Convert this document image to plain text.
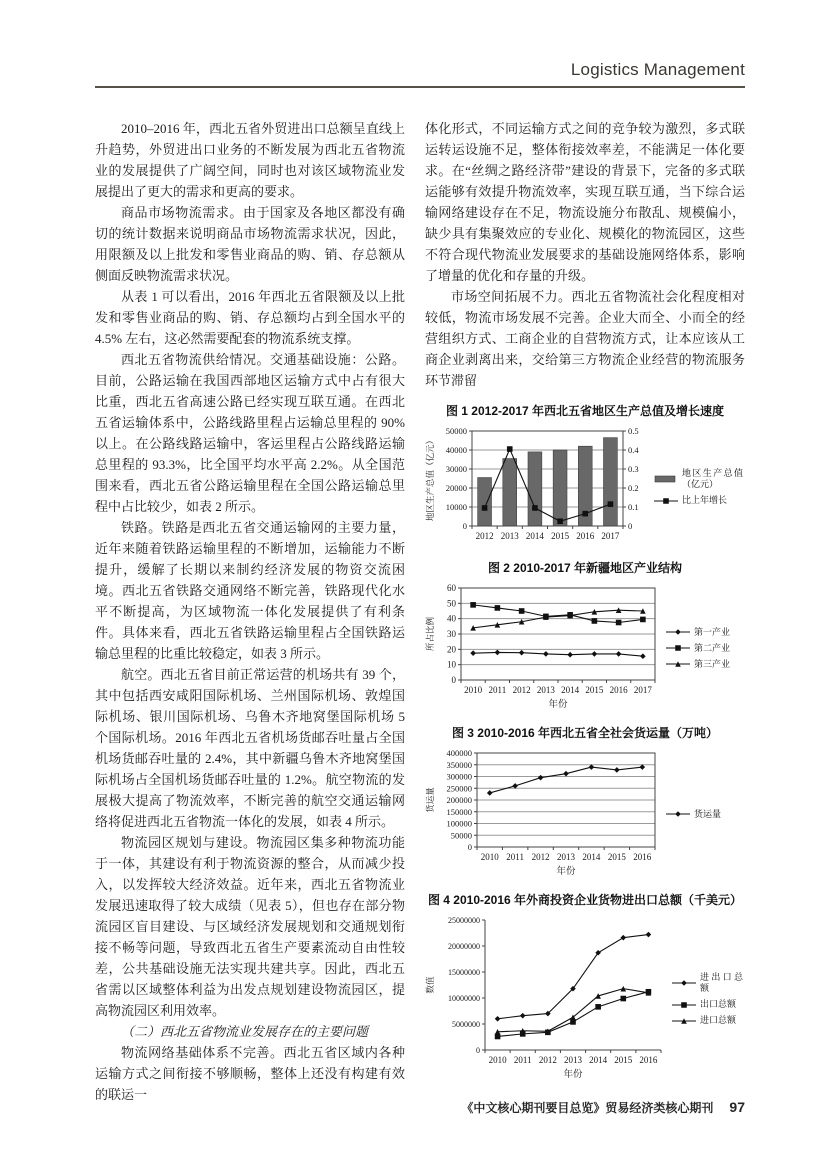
Logistics Management

2010–2016 年，西北五省外贸进出口总额呈直线上升趋势，外贸进出口业务的不断发展为西北五省物流业的发展提供了广阔空间，同时也对该区域物流业发展提出了更大的需求和更高的要求。

商品市场物流需求。由于国家及各地区都没有确切的统计数据来说明商品市场物流需求状况，因此，用限额及以上批发和零售业商品的购、销、存总额从侧面反映物流需求状况。

从表 1 可以看出，2016 年西北五省限额及以上批发和零售业商品的购、销、存总额均占到全国水平的 4.5% 左右，这必然需要配套的物流系统支撑。

西北五省物流供给情况。交通基础设施：公路。目前，公路运输在我国西部地区运输方式中占有很大比重，西北五省高速公路已经实现互联互通。在西北五省运输体系中，公路线路里程占运输总里程的 90% 以上。在公路线路运输中，客运里程占公路线路运输总里程的 93.3%，比全国平均水平高 2.2%。从全国范围来看，西北五省公路运输里程在全国公路运输总里程中占比较少，如表 2 所示。

铁路。铁路是西北五省交通运输网的主要力量，近年来随着铁路运输里程的不断增加，运输能力不断提升，缓解了长期以来制约经济发展的物资交流困境。西北五省铁路交通网络不断完善，铁路现代化水平不断提高，为区域物流一体化发展提供了有利条件。具体来看，西北五省铁路运输里程占全国铁路运输总里程的比重比较稳定，如表 3 所示。

航空。西北五省目前正常运营的机场共有 39 个，其中包括西安咸阳国际机场、兰州国际机场、敦煌国际机场、银川国际机场、乌鲁木齐地窝堡国际机场 5 个国际机场。2016 年西北五省机场货邮吞吐量占全国机场货邮吞吐量的 2.4%，其中新疆乌鲁木齐地窝堡国际机场占全国机场货邮吞吐量的 1.2%。航空物流的发展极大提高了物流效率，不断完善的航空交通运输网络将促进西北五省物流一体化的发展，如表 4 所示。

物流园区规划与建设。物流园区集多种物流功能于一体，其建设有利于物流资源的整合，从而减少投入，以发挥较大经济效益。近年来，西北五省物流业发展迅速取得了较大成绩（见表 5），但也存在部分物流园区盲目建设、与区域经济发展规划和交通规划衔接不畅等问题，导致西北五省生产要素流动自由性较差，公共基础设施无法实现共建共享。因此，西北五省需以区域整体利益为出发点规划建设物流园区，提高物流园区利用效率。

（二）西北五省物流业发展存在的主要问题

物流网络基础体系不完善。西北五省区域内各种运输方式之间衔接不够顺畅，整体上还没有构建有效的联运一

体化形式，不同运输方式之间的竞争较为激烈，多式联运转运设施不足，整体衔接效率差，不能满足一体化要求。在“丝绸之路经济带”建设的背景下，完备的多式联运能够有效提升物流效率，实现互联互通，当下综合运输网络建设存在不足，物流设施分布散乱、规模偏小，缺少具有集聚效应的专业化、规模化的物流园区，这些不符合现代物流业发展要求的基础设施网络体系，影响了增量的优化和存量的升级。

市场空间拓展不力。西北五省物流社会化程度相对较低，物流市场发展不完善。企业大而全、小而全的经营组织方式、工商企业的自营物流方式，让本应该从工商企业剥离出来，交给第三方物流企业经营的物流服务环节滞留

图 1 2012-2017 年西北五省地区生产总值及增长速度
0
10000
20000
30000
40000
50000
0
0.1
0.2
0.3
0.4
0.5
2012 2013 2014 2015 2016 2017
地区生产总值（亿元）	地区生产总值（亿元）
比上年增长
图 2 2010-2017 年新疆地区产业结构
0
10
20
30
40
50
60
2010 2011 2012 2013 2014 2015 2016 2017
年份
所占比例	第一产业
第二产业
第三产业
图 3 2010-2016 年西北五省全社会货运量（万吨）
0
50000
100000
150000
200000
250000
300000
350000
400000
2010 2011 2012 2013 2014 2015 2016
年份
货运量
货运量
图 4 2010-2016 年外商投资企业货物进出口总额（千美元）
0
5000000
10000000
15000000
20000000
25000000
2010 2011 2012 2013 2014 2015 2016
年份
数值	进出口总额
出口总额
进口总额
《中文核心期刊要目总览》贸易经济类核心期刊 97
